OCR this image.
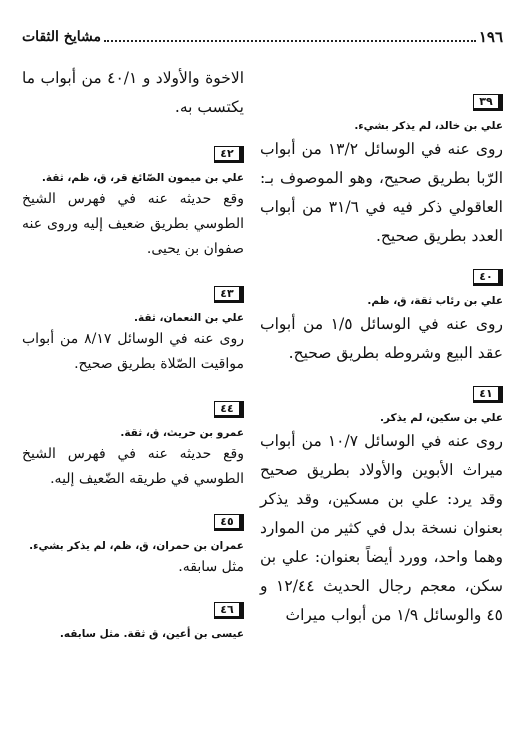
١٩٦
مشايخ الثقات
٣٩
علي بن خالد، لم يذكر بشيء.
روى عنه في الوسائل ١٣/٢ من أبواب الرّبا بطريق صحيح، وهو الموصوف بـ: العاقولي ذكر فيه في ٣١/٦ من أبواب العدد بطريق صحيح.
٤٠
علي بن رئاب ثقة، ق، ظم.
روى عنه في الوسائل ١/٥ من أبواب عقد البيع وشروطه بطريق صحيح.
٤١
علي بن سكين، لم يذكر.
روى عنه في الوسائل ١٠/٧ من أبواب ميراث الأبوين والأولاد بطريق صحيح وقد يرد: علي بن مسكين، وقد يذكر بعنوان نسخة بدل في كثير من الموارد وهما واحد، وورد أيضاً بعنوان: علي بن سكن، معجم رجال الحديث ١٢/٤٤ و ٤٥ والوسائل ١/٩ من أبواب ميراث
الاخوة والأولاد و ٤٠/١ من أبواب ما يكتسب به.
٤٢
علي بن ميمون الصّائغ قر، ق، ظم، ثقة.
وقع حديثه عنه في فهرس الشيخ الطوسي بطريق ضعيف إليه وروى عنه صفوان بن يحيى.
٤٣
علي بن النعمان، ثقة.
روى عنه في الوسائل ٨/١٧ من أبواب مواقيت الصّلاة بطريق صحيح.
٤٤
عمرو بن حريث، ق، ثقة.
وقع حديثه عنه في فهرس الشيخ الطوسي في طريقه الضّعيف إليه.
٤٥
عمران بن حمران، ق، ظم، لم يذكر بشيء.
مثل سابقه.
٤٦
عيسى بن أعين، ق ثقة. مثل سابقه.
